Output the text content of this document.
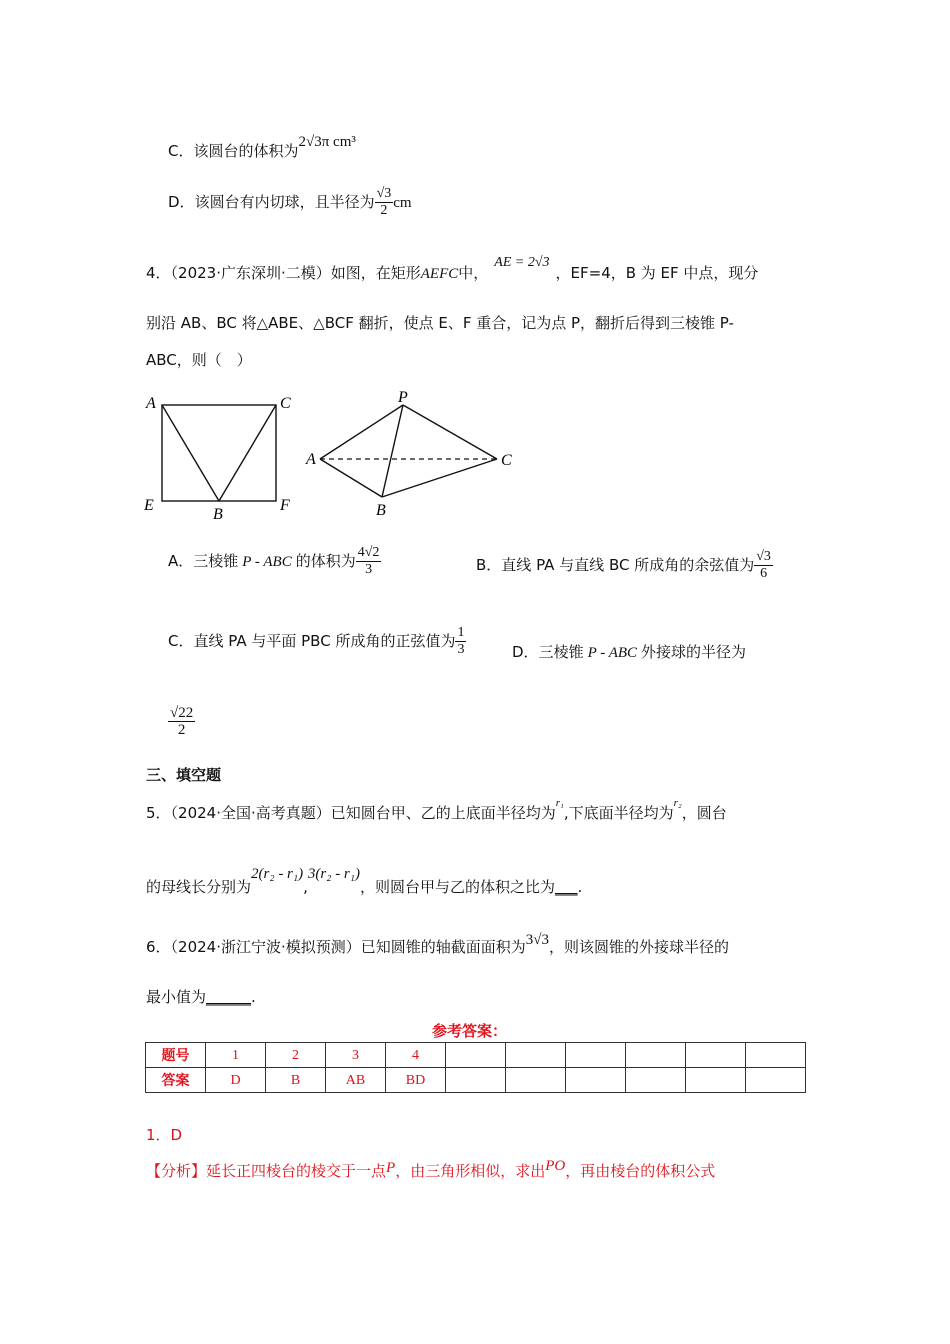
C．该圆台的体积为2√3π cm³
D．该圆台有内切球，且半径为 $\frac{√3}{2}$ cm
4．（2023·广东深圳·二模）如图，在矩形AEFC中，AE = 2√3，EF=4，B 为 EF 中点，现分
别沿 AB、BC 将△ABE、△BCF 翻折，使点 E、F 重合，记为点 P，翻折后得到三棱锥 P-
ABC，则（　）
A	C
E
B
F
P
A	C
B
A．三棱锥 P - ABC 的体积为 $\frac{4√2}{3}$	B．直线 PA 与直线 BC 所成角的余弦值为 $\frac{√3}{6}$
C．直线 PA 与平面 PBC 所成角的正弦值为 $\frac{1}{3}$	D．三棱锥 P - ABC 外接球的半径为
$\frac{√22}{2}$
三、填空题
5．（2024·全国·高考真题）已知圆台甲、乙的上底面半径均为$^{r_1}$,下底面半径均为$^{r_2}$，圆台
的母线长分别为2(r₂ - r₁),3(r₂ - r₁)，则圆台甲与乙的体积之比为___.
6．（2024·浙江宁波·模拟预测）已知圆锥的轴截面面积为3√3，则该圆锥的外接球半径的
最小值为______.
参考答案：
题号	1	2	3	4						
答案	D	B	AB	BD						
1．D
【分析】延长正四棱台的棱交于一点P，由三角形相似，求出PO，再由棱台的体积公式
